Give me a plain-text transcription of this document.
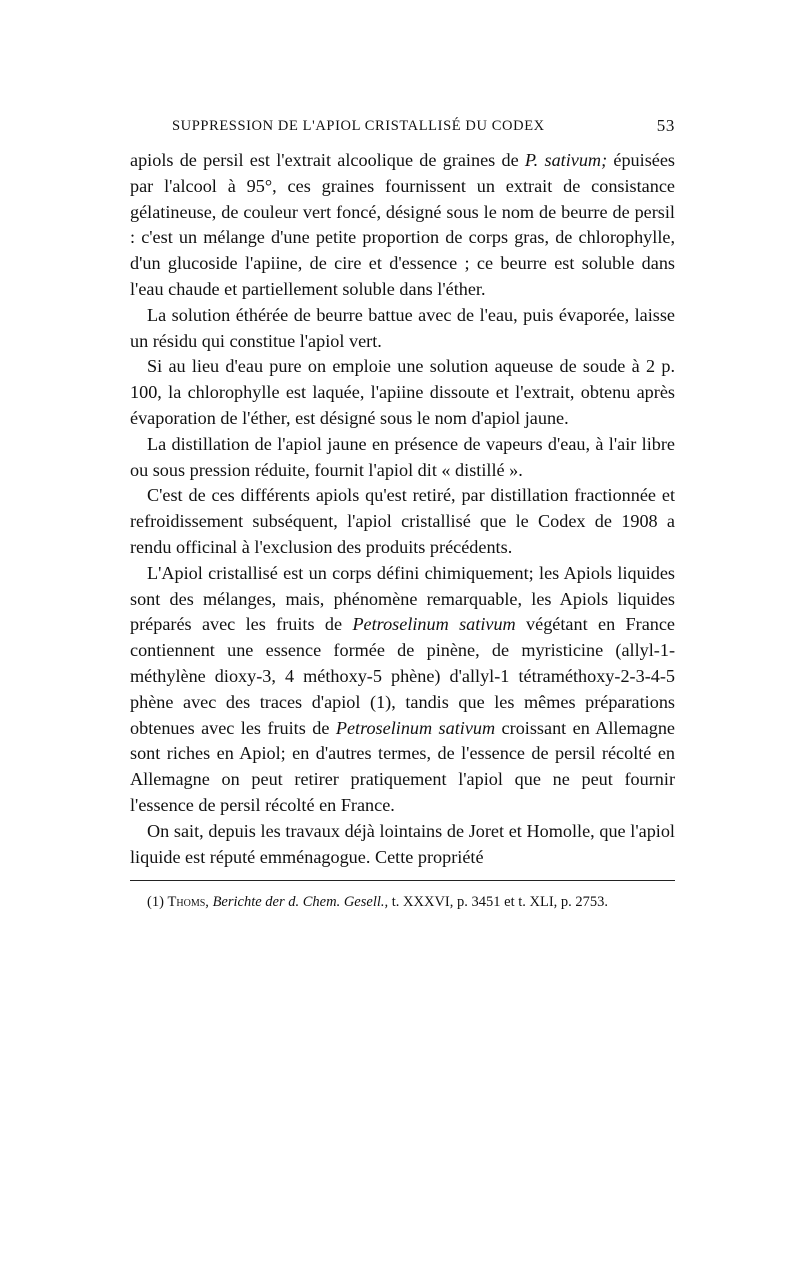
SUPPRESSION DE L'APIOL CRISTALLISÉ DU CODEX	53

apiols de persil est l'extrait alcoolique de graines de P. sativum; épuisées par l'alcool à 95°, ces graines fournissent un extrait de consistance gélatineuse, de couleur vert foncé, désigné sous le nom de beurre de persil : c'est un mélange d'une petite proportion de corps gras, de chlorophylle, d'un glucoside l'apiine, de cire et d'essence ; ce beurre est soluble dans l'eau chaude et partiellement soluble dans l'éther.

La solution éthérée de beurre battue avec de l'eau, puis évaporée, laisse un résidu qui constitue l'apiol vert.

Si au lieu d'eau pure on emploie une solution aqueuse de soude à 2 p. 100, la chlorophylle est laquée, l'apiine dissoute et l'extrait, obtenu après évaporation de l'éther, est désigné sous le nom d'apiol jaune.

La distillation de l'apiol jaune en présence de vapeurs d'eau, à l'air libre ou sous pression réduite, fournit l'apiol dit « distillé ».

C'est de ces différents apiols qu'est retiré, par distillation fractionnée et refroidissement subséquent, l'apiol cristallisé que le Codex de 1908 a rendu officinal à l'exclusion des produits précédents.

L'Apiol cristallisé est un corps défini chimiquement; les Apiols liquides sont des mélanges, mais, phénomène remarquable, les Apiols liquides préparés avec les fruits de Petroselinum sativum végétant en France contiennent une essence formée de pinène, de myristicine (allyl-1-méthylène dioxy-3, 4 méthoxy-5 phène) d'allyl-1 tétraméthoxy-2-3-4-5 phène avec des traces d'apiol (1), tandis que les mêmes préparations obtenues avec les fruits de Petroselinum sativum croissant en Allemagne sont riches en Apiol; en d'autres termes, de l'essence de persil récolté en Allemagne on peut retirer pratiquement l'apiol que ne peut fournir l'essence de persil récolté en France.

On sait, depuis les travaux déjà lointains de Joret et Homolle, que l'apiol liquide est réputé emménagogue. Cette propriété

(1) Thoms, Berichte der d. Chem. Gesell., t. XXXVI, p. 3451 et t. XLI, p. 2753.
